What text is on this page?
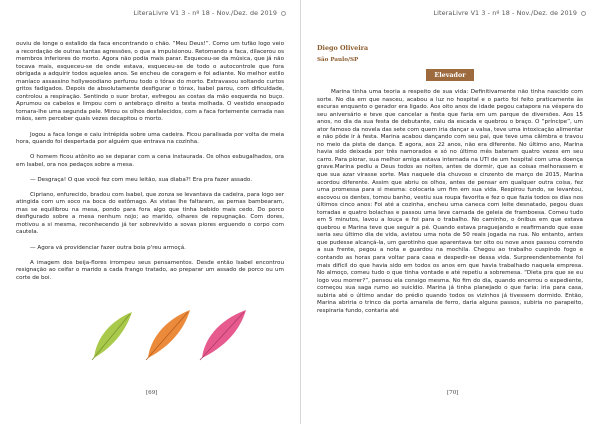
LiteraLivre V1 3 - nº 18 - Nov./Dez. de 2019

ouviu de longe o estalido da faca encontrando o chão. “Meu Deus!”. Como um tufão logo veio a recordação de outras tantas agressões, o que a impulsionou. Retomando a faca, dilacerou os membros inferiores do morto. Agora não podia mais parar. Esqueceu-se da música, que já não tocava mais, esqueceu-se de onde estava, esqueceu-se de todo o autocontrole que fora obrigada a adquirir todos aqueles anos. Se encheu de coragem e foi adiante. No melhor estilo maníaco assassino hollywoodiano perfurou todo o tórax do morto. Extravasou soltando curtos gritos fadigados. Depois de absolutamente desfigurar o tórax, Isabel parou, com dificuldade, controlou a respiração. Sentindo o suor brotar, esfregou as costas da mão esquerda no buço. Aprumou os cabelos e limpou com o antebraço direito a testa molhada. O vestido ensopado tomara-lhe uma segunda pele. Mirou os olhos desfalecidos, com a faca fortemente cerrada nas mãos, sem perceber quais vezes decapitou o morto.

Jogou a faca longe e caiu intrépida sobre uma cadeira. Ficou paralisada por volta de meia hora, quando foi despertada por alguém que entrava na cozinha.

O homem ficou atônito ao se deparar com a cena instaurada. Os olhos esbugalhados, ora em Isabel, ora nos pedaços sobre a mesa.

— Desgraça! O que você fez com meu leitão, sua diaba?! Era pra fazer assado.

Cipriano, enfurecido, bradou com Isabel, que zonza se levantava da cadeira, para logo ser atingida com um soco na boca do estômago. As vistas lhe faltaram, as pernas bambearam, mas se equilibrou na mesa, pondo para fora algo que tinha bebido mais cedo. Do porco desfigurado sobre a mesa nenhum nojo; ao marido, olhares de repugnação. Com dores, motivou a si mesma, reconhecendo já ter sobrevivido a sovas piores erguendo o corpo com cautela.

— Agora vá providenciar fazer outra boia p'reu armoçá.

A imagem dos beija-flores irrompeu seus pensamentos. Desde então Isabel encontrou resignação ao ceifar o marido a cada frango tratado, ao preparar um assado de porco ou um corte de boi.

[69]
LiteraLivre V1 3 - nº 18 - Nov./Dez. de 2019
Diego Oliveira
São Paulo/SP
Elevador

Marina tinha uma teoria a respeito de sua vida: Definitivamente não tinha nascido com sorte. No dia em que nasceu, acabou a luz no hospital e o parto foi feito praticamente às escuras enquanto o gerador era ligado. Aos oito anos de idade pegou catapora na véspera do seu aniversário e teve que cancelar a festa que faria em um parque de diversões. Aos 15 anos, no dia da sua festa de debutante, caiu da escada e quebrou o braço. O “príncipe”, um ator famoso da novela das sete com quem iria dançar a valsa, teve uma intoxicação alimentar e não pôde ir à festa. Marina acabou dançando com seu pai, que teve uma câimbra e travou no meio da pista de dança. E agora, aos 22 anos, não era diferente. No último ano, Marina havia sido deixada por três namorados e só no último mês bateram quatro vezes em seu carro. Para piorar, sua melhor amiga estava internada na UTI de um hospital com uma doença grave.Marina pediu a Deus todos as noites, antes de dormir, que as coisas melhorassem e que sua azar virasse sorte. Mas naquele dia chuvoso e cinzento de março de 2015, Marina acordou diferente. Assim que abriu os olhos, antes de pensar em qualquer outra coisa, fez uma promessa para si mesma: colocaria um fim em sua vida. Respirou fundo, se levantou, escovou os dentes, tomou banho, vestiu sua roupa favorita e fez o que fazia todos os dias nos últimos cinco anos: Foi até a cozinha, encheu uma caneca com leite desnatado, pegou duas torradas e quatro bolachas e passou uma leve camada de geleia de framboesa. Comeu tudo em 5 minutos, lavou a louça e foi para o trabalho. No caminho, o ônibus em que estava quebrou e Marina teve que seguir a pé. Quando estava praguejando e reafirmando que esse seria seu último dia de vida, avistou uma nota de 50 reais jogada na rua. No entanto, antes que pudesse alcançá-la, um garotinho que aparentava ter oito ou nove anos passou correndo a sua frente, pegou a nota e guardou na mochila. Chegou ao trabalho cuspindo fogo e contando as horas para voltar para casa e despedir-se dessa vida. Surpreendentemente foi mais difícil do que havia sido em todos os anos em que havia trabalhado naquela empresa. No almoço, comeu tudo o que tinha vontade e até repetiu a sobremesa. “Dieta pra que se eu logo vou morrer?”, pensou ela consigo mesma. No fim do dia, quando encerrou o expediente, começou sua saga rumo ao suicídio. Marina já tinha planejado o que faria: iria para casa, subiria até o último andar do prédio quando todos os vizinhos já tivessem dormido. Então, Marina abriria o trinco da porta amarela de ferro, daria alguns passos, subiria no parapeito, respiraria fundo, contaria até

[70]
